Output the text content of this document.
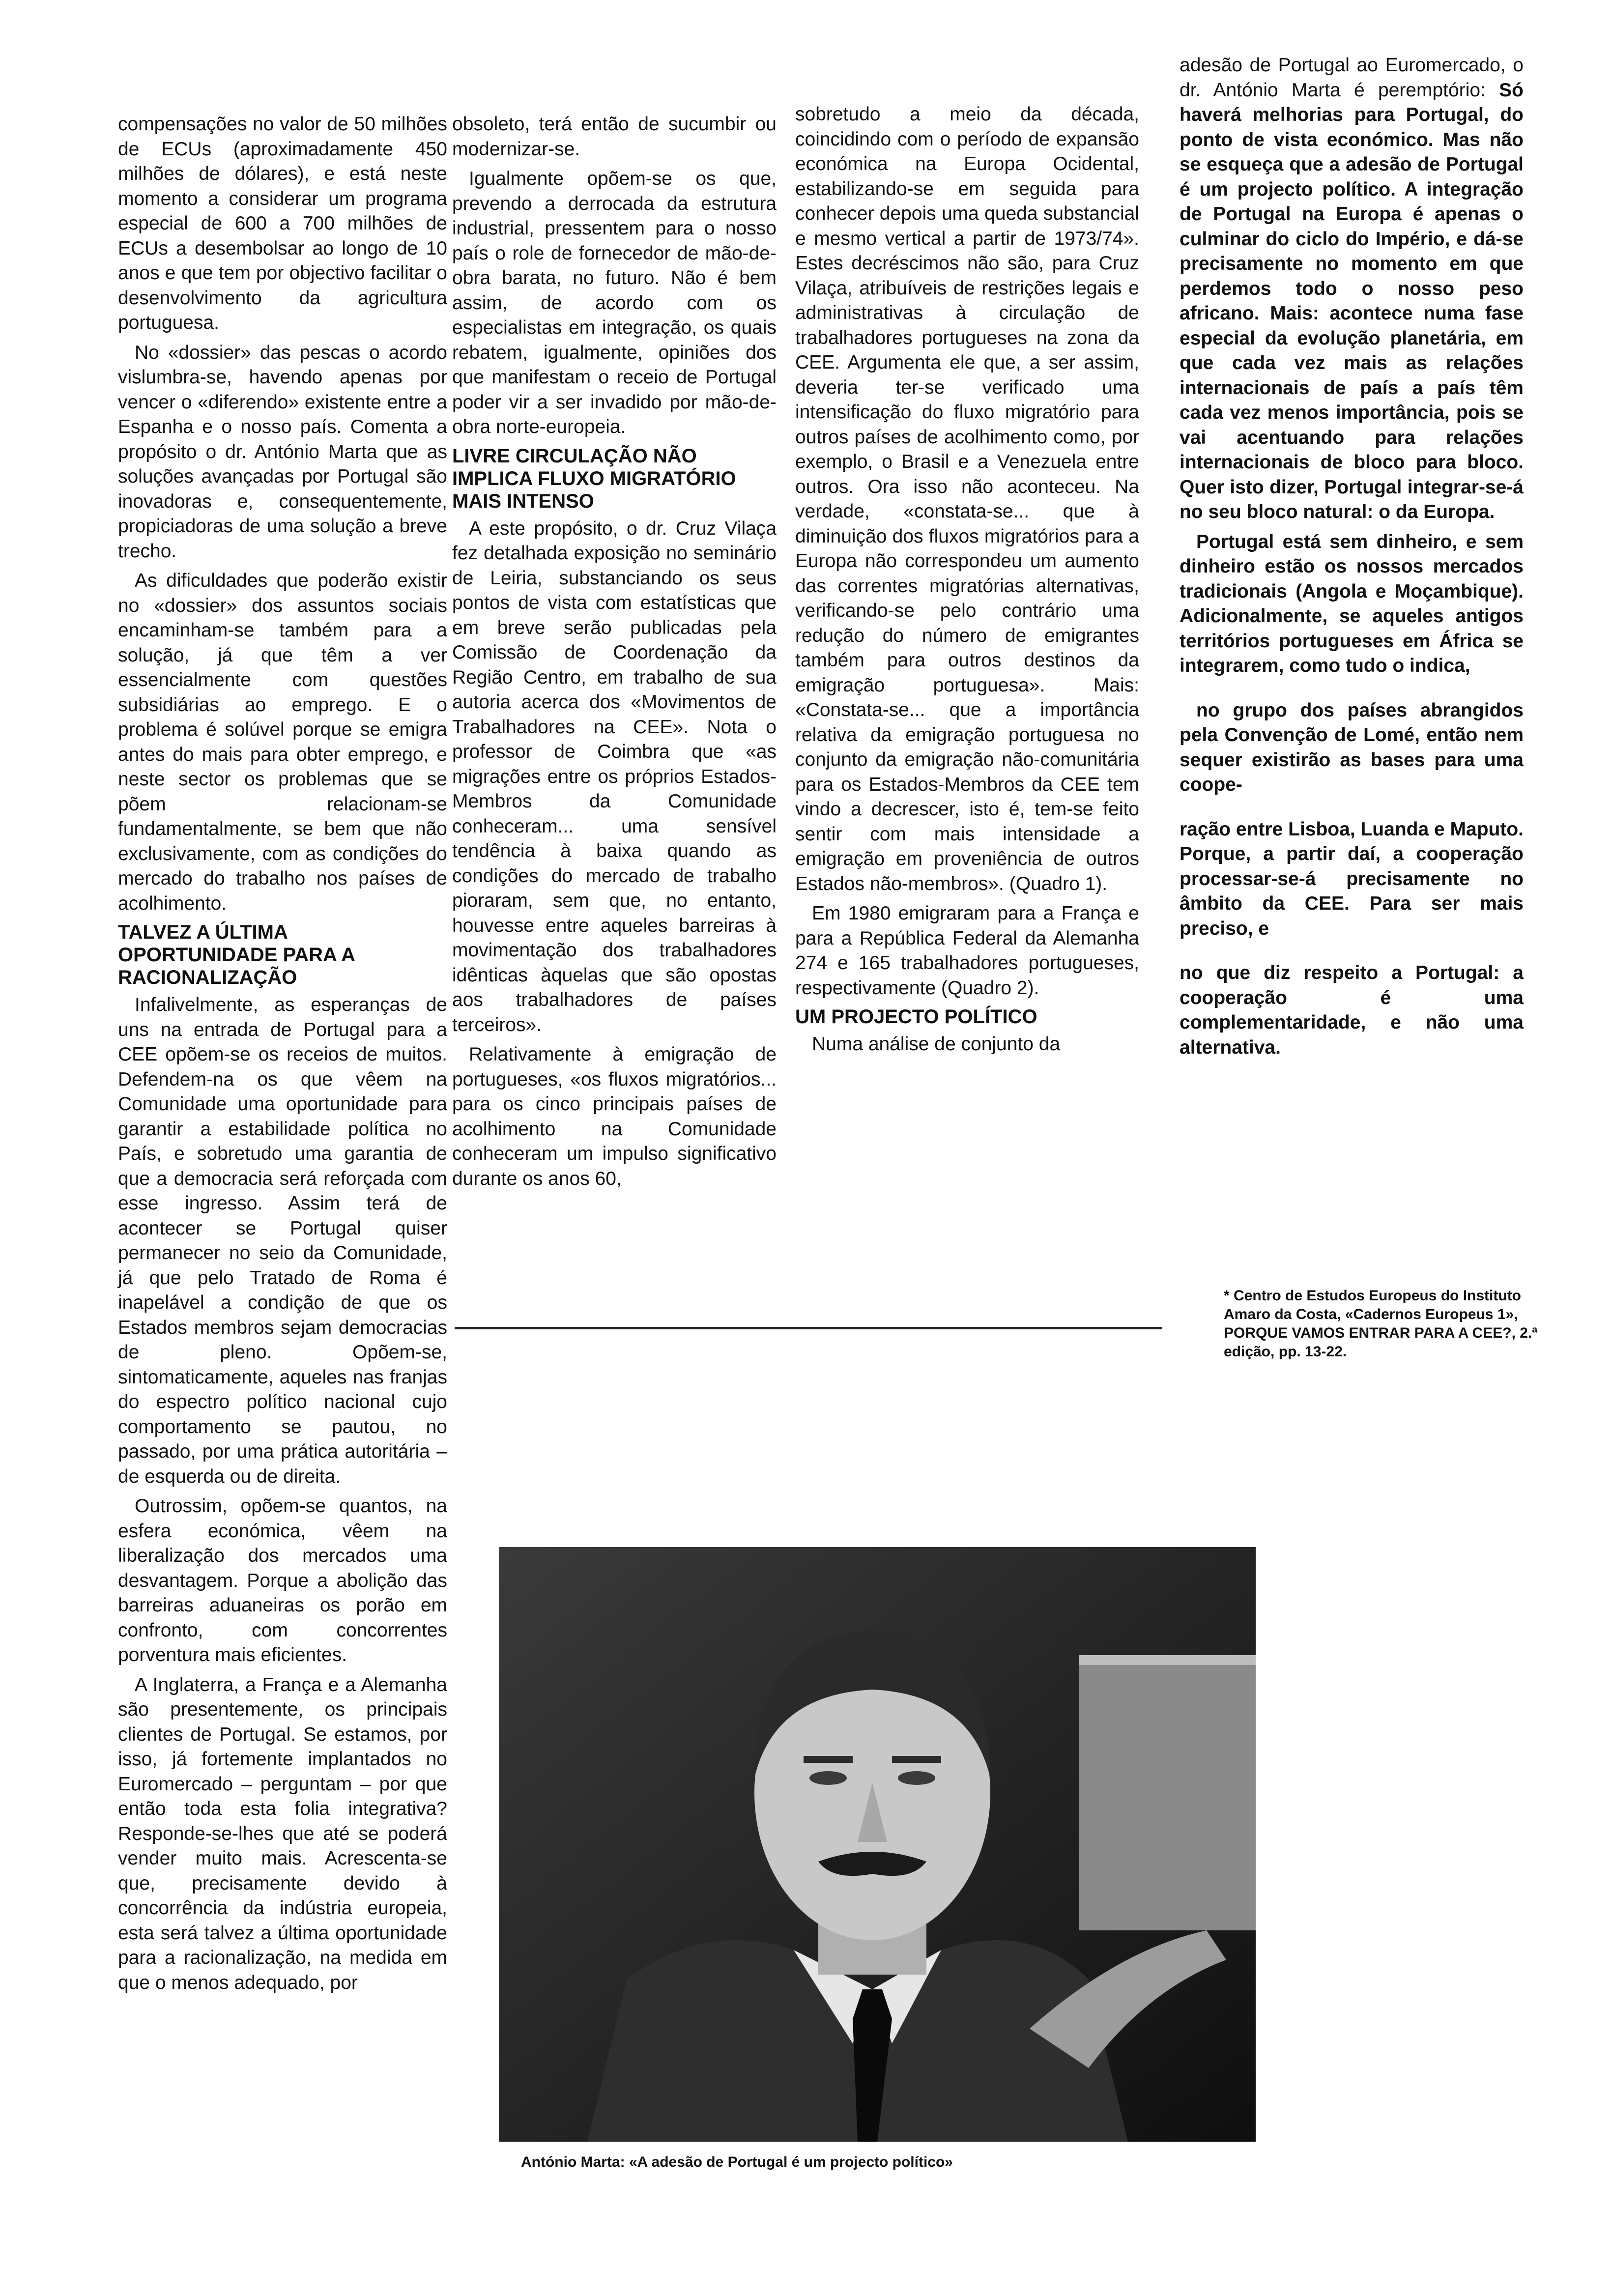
compensações no valor de 50 milhões de ECUs (aproximadamente 450 milhões de dólares), e está neste momento a considerar um programa especial de 600 a 700 milhões de ECUs a desembolsar ao longo de 10 anos e que tem por objectivo facilitar o desenvolvimento da agricultura portuguesa.

No «dossier» das pescas o acordo vislumbra-se, havendo apenas por vencer o «diferendo» existente entre a Espanha e o nosso país. Comenta a propósito o dr. António Marta que as soluções avançadas por Portugal são inovadoras e, consequentemente, propiciadoras de uma solução a breve trecho.

As dificuldades que poderão existir no «dossier» dos assuntos sociais encaminham-se também para a solução, já que têm a ver essencialmente com questões subsidiárias ao emprego. E o problema é solúvel porque se emigra antes do mais para obter emprego, e neste sector os problemas que se põem relacionam-se fundamentalmente, se bem que não exclusivamente, com as condições do mercado do trabalho nos países de acolhimento.

TALVEZ A ÚLTIMA OPORTUNIDADE PARA A RACIONALIZAÇÃO

Infalivelmente, as esperanças de uns na entrada de Portugal para a CEE opõem-se os receios de muitos. Defendem-na os que vêem na Comunidade uma oportunidade para garantir a estabilidade política no País, e sobretudo uma garantia de que a democracia será reforçada com esse ingresso. Assim terá de acontecer se Portugal quiser permanecer no seio da Comunidade, já que pelo Tratado de Roma é inapelável a condição de que os Estados membros sejam democracias de pleno. Opõem-se, sintomaticamente, aqueles nas franjas do espectro político nacional cujo comportamento se pautou, no passado, por uma prática autoritária – de esquerda ou de direita.

Outrossim, opõem-se quantos, na esfera económica, vêem na liberalização dos mercados uma desvantagem. Porque a abolição das barreiras aduaneiras os porão em confronto, com concorrentes porventura mais eficientes.

A Inglaterra, a França e a Alemanha são presentemente, os principais clientes de Portugal. Se estamos, por isso, já fortemente implantados no Euromercado – perguntam – por que então toda esta folia integrativa? Responde-se-lhes que até se poderá vender muito mais. Acrescenta-se que, precisamente devido à concorrência da indústria europeia, esta será talvez a última oportunidade para a racionalização, na medida em que o menos adequado, por

obsoleto, terá então de sucumbir ou modernizar-se.

Igualmente opõem-se os que, prevendo a derrocada da estrutura industrial, pressentem para o nosso país o role de fornecedor de mão-de-obra barata, no futuro. Não é bem assim, de acordo com os especialistas em integração, os quais rebatem, igualmente, opiniões dos que manifestam o receio de Portugal poder vir a ser invadido por mão-de-obra norte-europeia.

LIVRE CIRCULAÇÃO NÃO IMPLICA FLUXO MIGRATÓRIO MAIS INTENSO

A este propósito, o dr. Cruz Vilaça fez detalhada exposição no seminário de Leiria, substanciando os seus pontos de vista com estatísticas que em breve serão publicadas pela Comissão de Coordenação da Região Centro, em trabalho de sua autoria acerca dos «Movimentos de Trabalhadores na CEE». Nota o professor de Coimbra que «as migrações entre os próprios Estados-Membros da Comunidade conheceram... uma sensível tendência à baixa quando as condições do mercado de trabalho pioraram, sem que, no entanto, houvesse entre aqueles barreiras à movimentação dos trabalhadores idênticas àquelas que são opostas aos trabalhadores de países terceiros».

Relativamente à emigração de portugueses, «os fluxos migratórios... para os cinco principais países de acolhimento na Comunidade conheceram um impulso significativo durante os anos 60,

sobretudo a meio da década, coincidindo com o período de expansão económica na Europa Ocidental, estabilizando-se em seguida para conhecer depois uma queda substancial e mesmo vertical a partir de 1973/74». Estes decréscimos não são, para Cruz Vilaça, atribuíveis de restrições legais e administrativas à circulação de trabalhadores portugueses na zona da CEE. Argumenta ele que, a ser assim, deveria ter-se verificado uma intensificação do fluxo migratório para outros países de acolhimento como, por exemplo, o Brasil e a Venezuela entre outros. Ora isso não aconteceu. Na verdade, «constata-se... que à diminuição dos fluxos migratórios para a Europa não correspondeu um aumento das correntes migratórias alternativas, verificando-se pelo contrário uma redução do número de emigrantes também para outros destinos da emigração portuguesa». Mais: «Constata-se... que a importância relativa da emigração portuguesa no conjunto da emigração não-comunitária para os Estados-Membros da CEE tem vindo a decrescer, isto é, tem-se feito sentir com mais intensidade a emigração em proveniência de outros Estados não-membros». (Quadro 1).

Em 1980 emigraram para a França e para a República Federal da Alemanha 274 e 165 trabalhadores portugueses, respectivamente (Quadro 2).

UM PROJECTO POLÍTICO

Numa análise de conjunto da

adesão de Portugal ao Euromercado, o dr. António Marta é peremptório: Só haverá melhorias para Portugal, do ponto de vista económico. Mas não se esqueça que a adesão de Portugal é um projecto político. A integração de Portugal na Europa é apenas o culminar do ciclo do Império, e dá-se precisamente no momento em que perdemos todo o nosso peso africano. Mais: acontece numa fase especial da evolução planetária, em que cada vez mais as relações internacionais de país a país têm cada vez menos importância, pois se vai acentuando para relações internacionais de bloco para bloco. Quer isto dizer, Portugal integrar-se-á no seu bloco natural: o da Europa.

Portugal está sem dinheiro, e sem dinheiro estão os nossos mercados tradicionais (Angola e Moçambique). Adicionalmente, se aqueles antigos territórios portugueses em África se integrarem, como tudo o indica,

no grupo dos países abrangidos pela Convenção de Lomé, então nem sequer existirão as bases para uma coope-

ração entre Lisboa, Luanda e Maputo. Porque, a partir daí, a cooperação processar-se-á precisamente no âmbito da CEE. Para ser mais preciso, e

no que diz respeito a Portugal: a cooperação é uma complementaridade, e não uma alternativa.

* Centro de Estudos Europeus do Instituto Amaro da Costa, «Cadernos Europeus 1», PORQUE VAMOS ENTRAR PARA A CEE?, 2.ª edição, pp. 13-22.
António Marta: «A adesão de Portugal é um projecto político»
